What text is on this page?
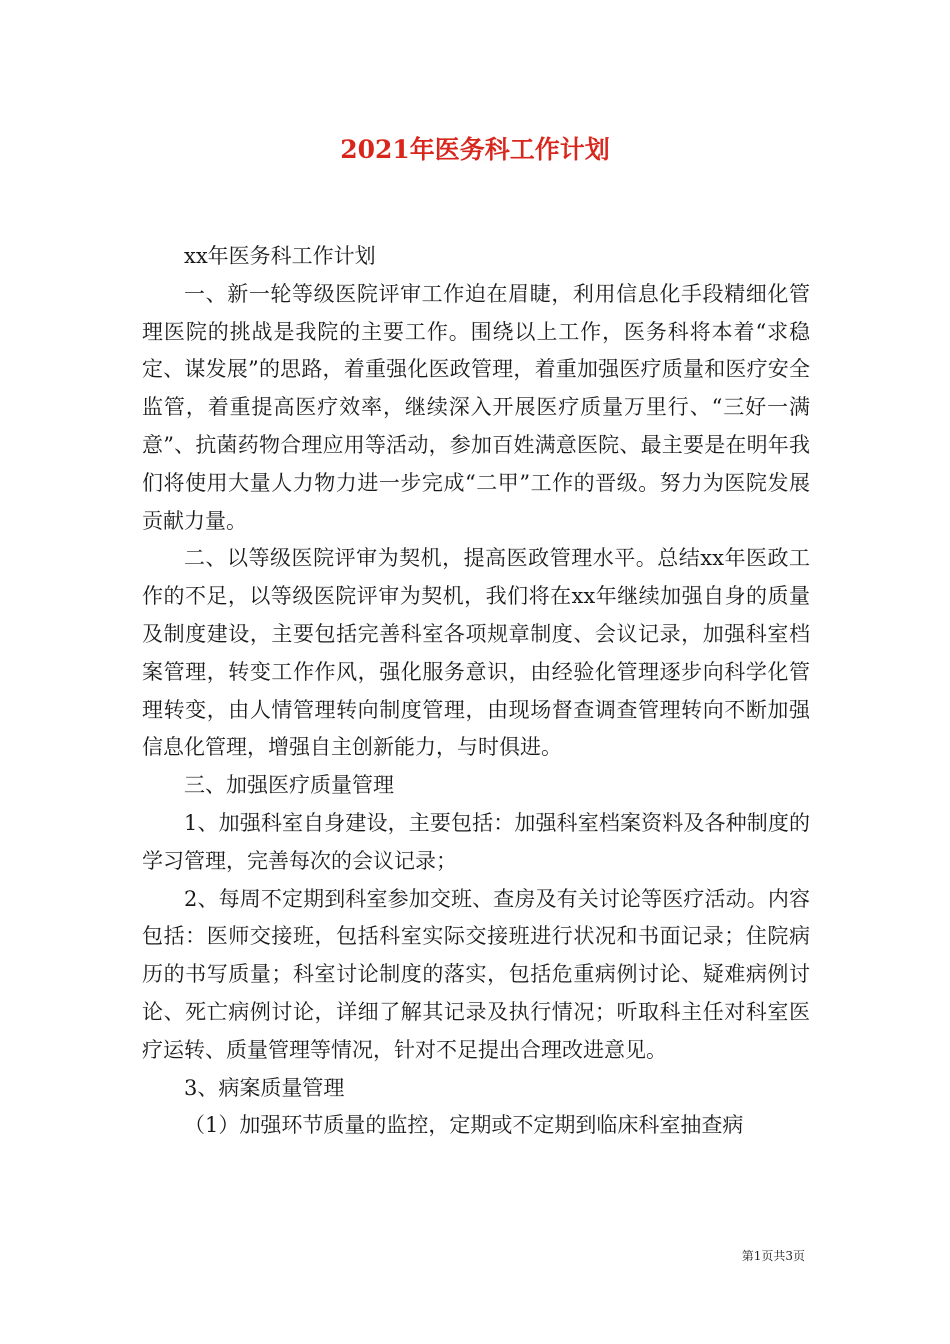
2021年医务科工作计划

xx年医务科工作计划

一、新一轮等级医院评审工作迫在眉睫，利用信息化手段精细化管理医院的挑战是我院的主要工作。围绕以上工作，医务科将本着“求稳定、谋发展”的思路，着重强化医政管理，着重加强医疗质量和医疗安全监管，着重提高医疗效率，继续深入开展医疗质量万里行、“三好一满意”、抗菌药物合理应用等活动，参加百姓满意医院、最主要是在明年我们将使用大量人力物力进一步完成“二甲”工作的晋级。努力为医院发展贡献力量。

二、以等级医院评审为契机，提高医政管理水平。总结xx年医政工作的不足，以等级医院评审为契机，我们将在xx年继续加强自身的质量及制度建设，主要包括完善科室各项规章制度、会议记录，加强科室档案管理，转变工作作风，强化服务意识，由经验化管理逐步向科学化管理转变，由人情管理转向制度管理，由现场督查调查管理转向不断加强信息化管理，增强自主创新能力，与时俱进。

三、加强医疗质量管理

1、加强科室自身建设，主要包括：加强科室档案资料及各种制度的学习管理，完善每次的会议记录；

2、每周不定期到科室参加交班、查房及有关讨论等医疗活动。内容包括：医师交接班，包括科室实际交接班进行状况和书面记录；住院病历的书写质量；科室讨论制度的落实，包括危重病例讨论、疑难病例讨论、死亡病例讨论，详细了解其记录及执行情况；听取科主任对科室医疗运转、质量管理等情况，针对不足提出合理改进意见。

3、病案质量管理

（1）加强环节质量的监控，定期或不定期到临床科室抽查病

第1页共3页
